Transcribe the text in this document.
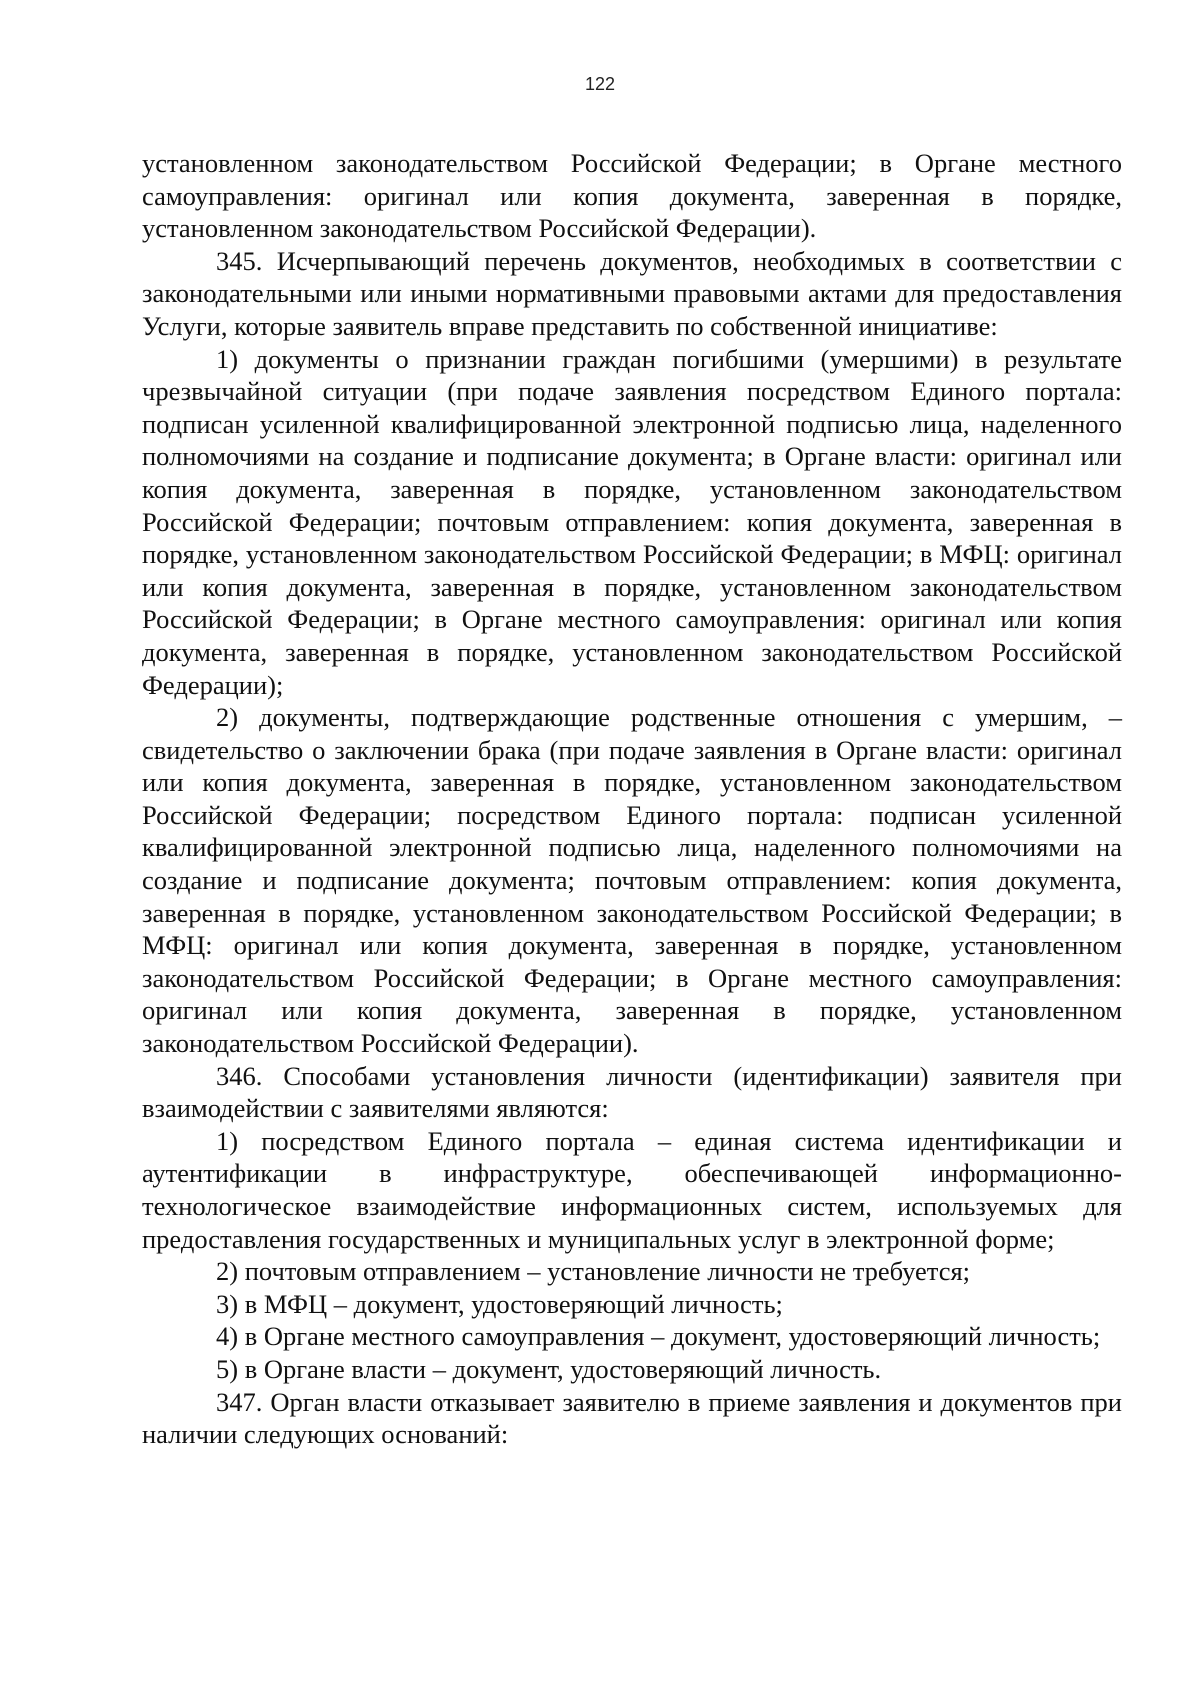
122

установленном законодательством Российской Федерации; в Органе местного самоуправления: оригинал или копия документа, заверенная в порядке, установленном законодательством Российской Федерации).

345. Исчерпывающий перечень документов, необходимых в соответствии с законодательными или иными нормативными правовыми актами для предоставления Услуги, которые заявитель вправе представить по собственной инициативе:

1) документы о признании граждан погибшими (умершими) в результате чрезвычайной ситуации (при подаче заявления посредством Единого портала: подписан усиленной квалифицированной электронной подписью лица, наделенного полномочиями на создание и подписание документа; в Органе власти: оригинал или копия документа, заверенная в порядке, установленном законодательством Российской Федерации; почтовым отправлением: копия документа, заверенная в порядке, установленном законодательством Российской Федерации; в МФЦ: оригинал или копия документа, заверенная в порядке, установленном законодательством Российской Федерации; в Органе местного самоуправления: оригинал или копия документа, заверенная в порядке, установленном законодательством Российской Федерации);

2) документы, подтверждающие родственные отношения с умершим, – свидетельство о заключении брака (при подаче заявления в Органе власти: оригинал или копия документа, заверенная в порядке, установленном законодательством Российской Федерации; посредством Единого портала: подписан усиленной квалифицированной электронной подписью лица, наделенного полномочиями на создание и подписание документа; почтовым отправлением: копия документа, заверенная в порядке, установленном законодательством Российской Федерации; в МФЦ: оригинал или копия документа, заверенная в порядке, установленном законодательством Российской Федерации; в Органе местного самоуправления: оригинал или копия документа, заверенная в порядке, установленном законодательством Российской Федерации).

346. Способами установления личности (идентификации) заявителя при взаимодействии с заявителями являются:

1) посредством Единого портала – единая система идентификации и аутентификации в инфраструктуре, обеспечивающей информационно-технологическое взаимодействие информационных систем, используемых для предоставления государственных и муниципальных услуг в электронной форме;

2) почтовым отправлением – установление личности не требуется;

3) в МФЦ – документ, удостоверяющий личность;

4) в Органе местного самоуправления – документ, удостоверяющий личность;

5) в Органе власти – документ, удостоверяющий личность.

347. Орган власти отказывает заявителю в приеме заявления и документов при наличии следующих оснований:
